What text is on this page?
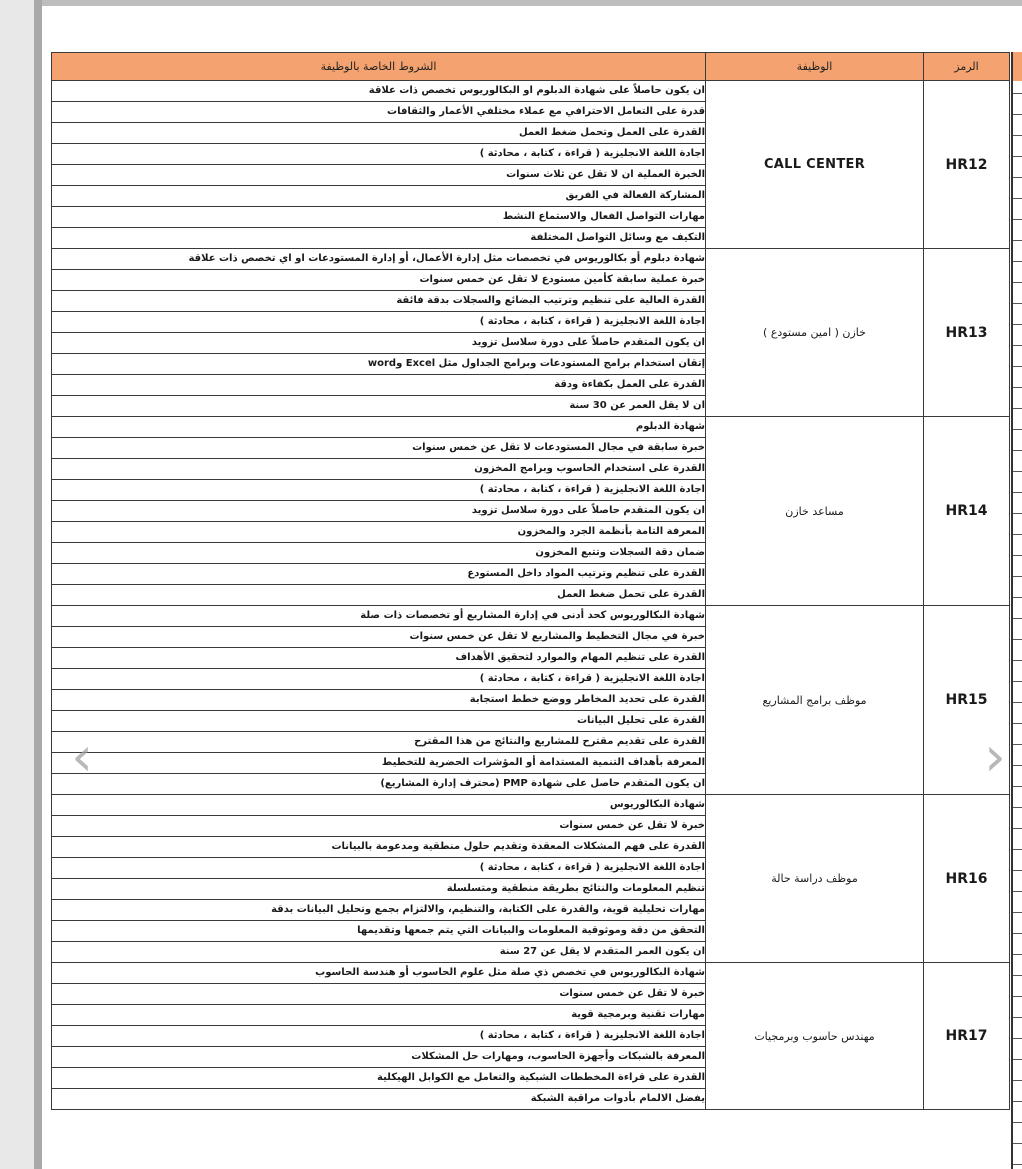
الرمز	الوظيفة	الشروط الخاصة بالوظيفة
HR12	CALL CENTER	ان يكون حاصلاً على شهادة الدبلوم او البكالوريوس تخصص ذات علاقة
		قدرة على التعامل الاحترافي مع عملاء مختلفي الأعمار والثقافات
		القدرة على العمل وتحمل ضغط العمل
		اجادة اللغة الانجليزية ( قراءة ، كتابة ، محادثة )
		الخبرة العملية ان لا تقل عن ثلاث سنوات
		المشاركة الفعالة في الفريق
		مهارات التواصل الفعال والاستماع النشط
		التكيف مع وسائل التواصل المختلفة
HR13	خازن ( امين مستودع )	شهادة دبلوم أو بكالوريوس في تخصصات مثل إدارة الأعمال، أو إدارة المستودعات او اي تخصص ذات علاقة
		خبرة عملية سابقة كأمين مستودع لا تقل عن خمس سنوات
		القدرة العالية على تنظيم وترتيب البضائع والسجلات بدقة فائقة
		اجادة اللغة الانجليزية ( قراءة ، كتابة ، محادثة )
		ان يكون المتقدم حاصلاً على دورة سلاسل تزويد
		إتقان استخدام برامج المستودعات وبرامج الجداول مثل Excel وword
		القدرة على العمل بكفاءة ودقة
		ان لا يقل العمر عن 30 سنة
HR14	مساعد خازن	شهادة الدبلوم
		خبرة سابقة في مجال المستودعات لا تقل عن خمس سنوات
		القدرة على استخدام الحاسوب وبرامج المخزون
		اجادة اللغة الانجليزية ( قراءة ، كتابة ، محادثة )
		ان يكون المتقدم حاصلاً على دورة سلاسل تزويد
		المعرفة التامة بأنظمة الجرد والمخزون
		ضمان دقة السجلات وتتبع المخزون
		القدرة على تنظيم وترتيب المواد داخل المستودع
		القدرة على تحمل ضغط العمل
HR15	موظف برامج المشاريع	شهادة البكالوريوس كحد أدنى في إدارة المشاريع أو تخصصات ذات صلة
		خبرة في مجال التخطيط والمشاريع لا تقل عن خمس سنوات
		القدرة على تنظيم المهام والموارد لتحقيق الأهداف
		اجادة اللغة الانجليزية ( قراءة ، كتابة ، محادثة )
		القدرة على تحديد المخاطر ووضع خطط استجابة
		القدرة على تحليل البيانات
		القدرة على تقديم مقترح للمشاريع والنتائج من هذا المقترح
		المعرفة بأهداف التنمية المستدامة أو المؤشرات الحضرية للتخطيط
		ان يكون المتقدم حاصل على شهادة PMP (محترف إدارة المشاريع)
HR16	موظف دراسة حالة	شهادة البكالوريوس
		خبرة لا تقل عن خمس سنوات
		القدرة على فهم المشكلات المعقدة وتقديم حلول منطقية ومدعومة بالبيانات
		اجادة اللغة الانجليزية ( قراءة ، كتابة ، محادثة )
		تنظيم المعلومات والنتائج بطريقة منطقية ومتسلسلة
		مهارات تحليلية قوية، والقدرة على الكتابة، والتنظيم، والالتزام بجمع وتحليل البيانات بدقة
		التحقق من دقة وموثوقية المعلومات والبيانات التي يتم جمعها وتقديمها
		ان يكون العمر المتقدم لا يقل عن 27 سنة
HR17	مهندس حاسوب وبرمجيات	شهادة البكالوريوس في تخصص ذي صلة مثل علوم الحاسوب أو هندسة الحاسوب
		خبرة لا تقل عن خمس سنوات
		مهارات تقنية وبرمجية قوية
		اجادة اللغة الانجليزية ( قراءة ، كتابة ، محادثة )
		المعرفة بالشبكات وأجهزة الحاسوب، ومهارات حل المشكلات
		القدرة على قراءة المخططات الشبكية والتعامل مع الكوابل الهيكلية
		يفضل الالمام بأدوات مراقبة الشبكة
‹	›
